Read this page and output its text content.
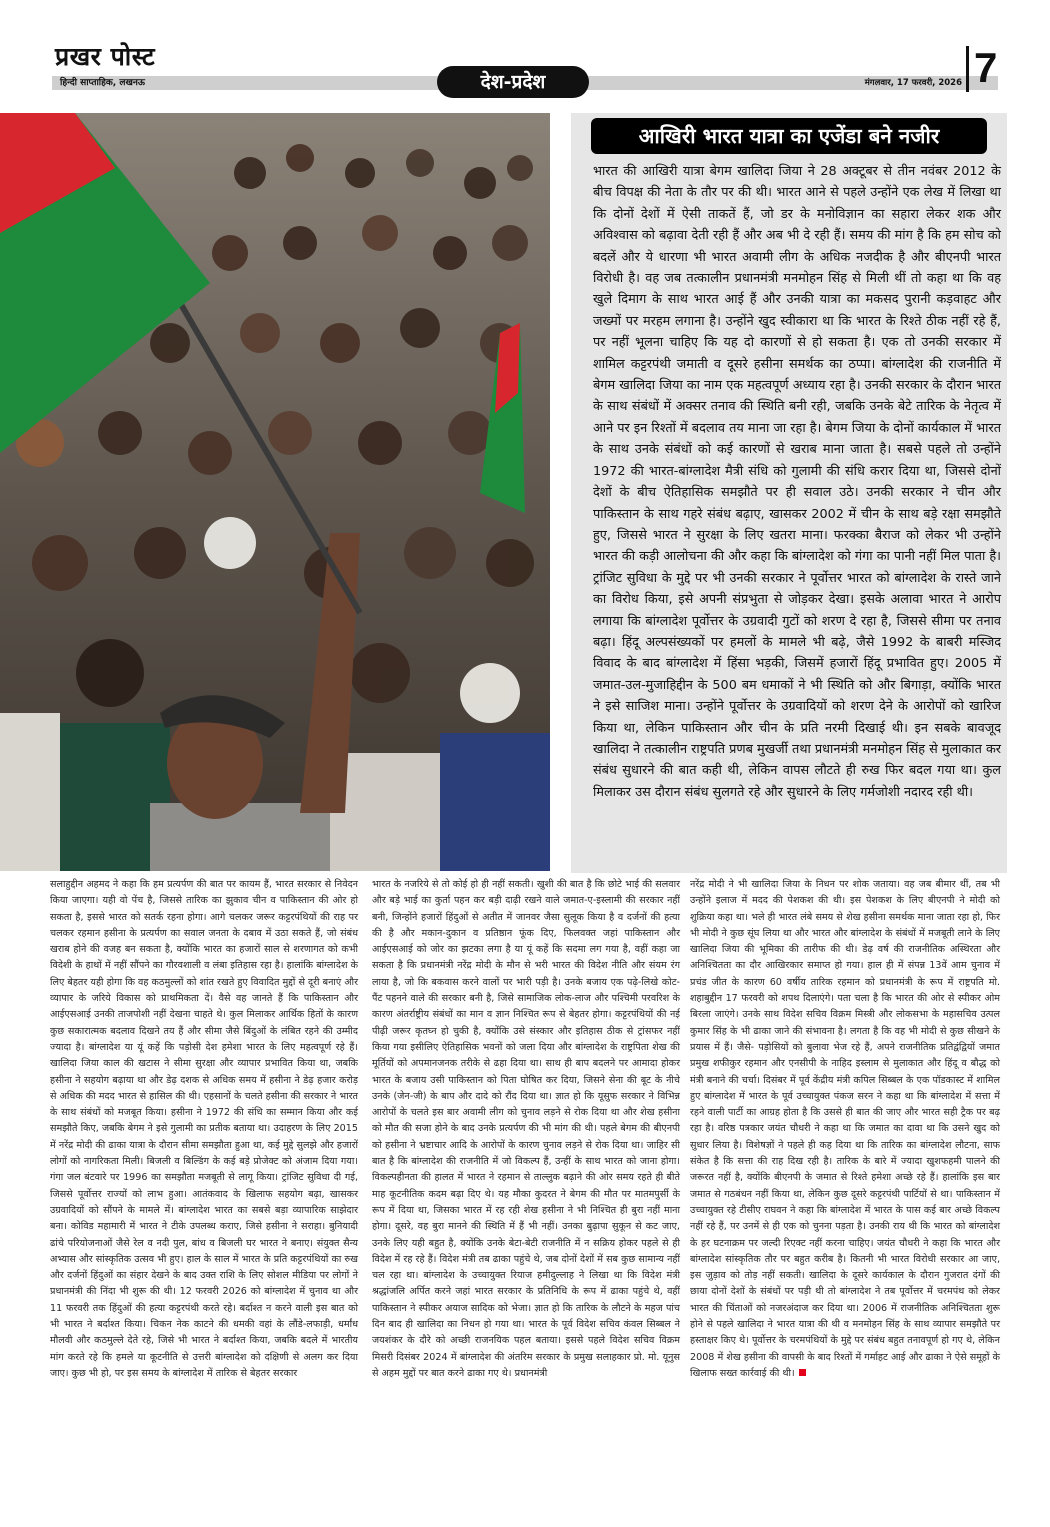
प्रखर पोस्ट
हिन्दी साप्ताहिक, लखनऊ	देश-प्रदेश	मंगलवार, 17 फरवरी, 2026 7
आखिरी भारत यात्रा का एजेंडा बने नजीर

भारत की आखिरी यात्रा बेगम खालिदा जिया ने 28 अक्टूबर से तीन नवंबर 2012 के बीच विपक्ष की नेता के तौर पर की थी। भारत आने से पहले उन्होंने एक लेख में लिखा था कि दोनों देशों में ऐसी ताकतें हैं, जो डर के मनोविज्ञान का सहारा लेकर शक और अविश्वास को बढ़ावा देती रही हैं और अब भी दे रही हैं। समय की मांग है कि हम सोच को बदलें और ये धारणा भी भारत अवामी लीग के अधिक नजदीक है और बीएनपी भारत विरोधी है। वह जब तत्कालीन प्रधानमंत्री मनमोहन सिंह से मिली थीं तो कहा था कि वह खुले दिमाग के साथ भारत आई हैं और उनकी यात्रा का मकसद पुरानी कड़वाहट और जख्मों पर मरहम लगाना है। उन्होंने खुद स्वीकारा था कि भारत के रिश्ते ठीक नहीं रहे हैं, पर नहीं भूलना चाहिए कि यह दो कारणों से हो सकता है। एक तो उनकी सरकार में शामिल कट्टरपंथी जमाती व दूसरे हसीना समर्थक का ठप्पा। बांग्लादेश की राजनीति में बेगम खालिदा जिया का नाम एक महत्वपूर्ण अध्याय रहा है। उनकी सरकार के दौरान भारत के साथ संबंधों में अक्सर तनाव की स्थिति बनी रही, जबकि उनके बेटे तारिक के नेतृत्व में आने पर इन रिश्तों में बदलाव तय माना जा रहा है। बेगम जिया के दोनों कार्यकाल में भारत के साथ उनके संबंधों को कई कारणों से खराब माना जाता है। सबसे पहले तो उन्होंने 1972 की भारत-बांग्लादेश मैत्री संधि को गुलामी की संधि करार दिया था, जिससे दोनों देशों के बीच ऐतिहासिक समझौते पर ही सवाल उठे। उनकी सरकार ने चीन और पाकिस्तान के साथ गहरे संबंध बढ़ाए, खासकर 2002 में चीन के साथ बड़े रक्षा समझौते हुए, जिससे भारत ने सुरक्षा के लिए खतरा माना। फरक्का बैराज को लेकर भी उन्होंने भारत की कड़ी आलोचना की और कहा कि बांग्लादेश को गंगा का पानी नहीं मिल पाता है। ट्रांजिट सुविधा के मुद्दे पर भी उनकी सरकार ने पूर्वोत्तर भारत को बांग्लादेश के रास्ते जाने का विरोध किया, इसे अपनी संप्रभुता से जोड़कर देखा। इसके अलावा भारत ने आरोप लगाया कि बांग्लादेश पूर्वोत्तर के उग्रवादी गुटों को शरण दे रहा है, जिससे सीमा पर तनाव बढ़ा। हिंदू अल्पसंख्यकों पर हमलों के मामले भी बढ़े, जैसे 1992 के बाबरी मस्जिद विवाद के बाद बांग्लादेश में हिंसा भड़की, जिसमें हजारों हिंदू प्रभावित हुए। 2005 में जमात-उल-मुजाहिद्दीन के 500 बम धमाकों ने भी स्थिति को और बिगाड़ा, क्योंकि भारत ने इसे साजिश माना। उन्होंने पूर्वोत्तर के उग्रवादियों को शरण देने के आरोपों को खारिज किया था, लेकिन पाकिस्तान और चीन के प्रति नरमी दिखाई थी। इन सबके बावजूद खालिदा ने तत्कालीन राष्ट्रपति प्रणब मुखर्जी तथा प्रधानमंत्री मनमोहन सिंह से मुलाकात कर संबंध सुधारने की बात कही थी, लेकिन वापस लौटते ही रुख फिर बदल गया था। कुल मिलाकर उस दौरान संबंध सुलगते रहे और सुधारने के लिए गर्मजोशी नदारद रही थी।

सलाहुद्दीन अहमद ने कहा कि हम प्रत्यर्पण की बात पर कायम हैं, भारत सरकार से निवेदन किया जाएगा। यही वो पेंच है, जिससे तारिक का झुकाव चीन व पाकिस्तान की ओर हो सकता है, इससे भारत को सतर्क रहना होगा। आगे चलकर जरूर कट्टरपंथियों की राह पर चलकर रहमान हसीना के प्रत्यर्पण का सवाल जनता के दबाव में उठा सकते हैं, जो संबंध खराब होने की वजह बन सकता है, क्योंकि भारत का हजारों साल से शरणागत को कभी विदेशी के हाथों में नहीं सौंपने का गौरवशाली व लंबा इतिहास रहा है। हालांकि बांग्लादेश के लिए बेहतर यही होगा कि वह कठमुल्लों को शांत रखते हुए विवादित मुद्दों से दूरी बनाएं और व्यापार के जरिये विकास को प्राथमिकता दें। वैसे वह जानते हैं कि पाकिस्तान और आईएसआई उनकी ताजपोशी नहीं देखना चाहते थे। कुल मिलाकर आर्थिक हितों के कारण कुछ सकारात्मक बदलाव दिखने तय हैं और सीमा जैसे बिंदुओं के लंबित रहने की उम्मीद ज्यादा है। बांग्लादेश या यूं कहें कि पड़ोसी देश हमेशा भारत के लिए महत्वपूर्ण रहे हैं। खालिदा जिया काल की खटास ने सीमा सुरक्षा और व्यापार प्रभावित किया था, जबकि हसीना ने सहयोग बढ़ाया था और डेढ़ दशक से अधिक समय में हसीना ने डेढ़ हजार करोड़ से अधिक की मदद भारत से हासिल की थी। एहसानों के चलते हसीना की सरकार ने भारत के साथ संबंधों को मजबूत किया। हसीना ने 1972 की संधि का सम्मान किया और कई समझौते किए, जबकि बेगम ने इसे गुलामी का प्रतीक बताया था। उदाहरण के लिए 2015 में नरेंद्र मोदी की ढाका यात्रा के दौरान सीमा समझौता हुआ था, कई मुद्दे सुलझे और हजारों लोगों को नागरिकता मिली। बिजली व बिल्डिंग के कई बड़े प्रोजेक्ट को अंजाम दिया गया। गंगा जल बंटवारे पर 1996 का समझौता मजबूती से लागू किया। ट्रांजिट सुविधा दी गई, जिससे पूर्वोत्तर राज्यों को लाभ हुआ। आतंकवाद के खिलाफ सहयोग बढ़ा, खासकर उग्रवादियों को सौंपने के मामले में। बांग्लादेश भारत का सबसे बड़ा व्यापारिक साझेदार बना। कोविड महामारी में भारत ने टीके उपलब्ध कराए, जिसे हसीना ने सराहा। बुनियादी ढांचे परियोजनाओं जैसे रेल व नदी पुल, बांध व बिजली घर भारत ने बनाए। संयुक्त सैन्य अभ्यास और सांस्कृतिक उत्सव भी हुए। हाल के साल में भारत के प्रति कट्टरपंथियों का रुख और दर्जनों हिंदुओं का संहार देखने के बाद उक्त राशि के लिए सोशल मीडिया पर लोगों ने प्रधानमंत्री की निंदा भी शुरू की थी। 12 फरवरी 2026 को बांग्लादेश में चुनाव था और 11 फरवरी तक हिंदुओं की हत्या कट्टरपंथी करते रहे। बर्दाश्त न करने वाली इस बात को भी भारत ने बर्दाश्त किया। चिकन नेक काटने की धमकी वहां के लौंडे-लफाड़ी, धर्मांध मौलवी और कठमुल्ले देते रहे, जिसे भी भारत ने बर्दाश्त किया, जबकि बदले में भारतीय मांग करते रहे कि हमले या कूटनीति से उत्तरी बांग्लादेश को दक्षिणी से अलग कर दिया जाए। कुछ भी हो, पर इस समय के बांग्लादेश में तारिक से बेहतर सरकार

भारत के नजरिये से तो कोई हो ही नहीं सकती। खुशी की बात है कि छोटे भाई की सलवार और बड़े भाई का कुर्ता पहन कर बड़ी दाढ़ी रखने वाले जमात-ए-इस्लामी की सरकार नहीं बनी, जिन्होंने हजारों हिंदुओं से अतीत में जानवर जैसा सुलूक किया है व दर्जनों की हत्या की है और मकान-दुकान व प्रतिष्ठान फूंक दिए, फिलवक्त जहां पाकिस्तान और आईएसआई को जोर का झटका लगा है या यूं कहें कि सदमा लग गया है, वहीं कहा जा सकता है कि प्रधानमंत्री नरेंद्र मोदी के मौन से भरी भारत की विदेश नीति और संयम रंग लाया है, जो कि बकवास करने वालों पर भारी पड़ी है। उनके बजाय एक पढ़े-लिखे कोट-पैंट पहनने वाले की सरकार बनी है, जिसे सामाजिक लोक-लाज और पश्चिमी परवरिश के कारण अंतर्राष्ट्रीय संबंधों का मान व ज्ञान निश्चित रूप से बेहतर होगा। कट्टरपंथियों की नई पीढ़ी जरूर कृतघ्न हो चुकी है, क्योंकि उसे संस्कार और इतिहास ठीक से ट्रांसफर नहीं किया गया इसीलिए ऐतिहासिक भवनों को जला दिया और बांग्लादेश के राष्ट्रपिता शेख की मूर्तियों को अपमानजनक तरीके से ढहा दिया था। साथ ही बाप बदलने पर आमादा होकर भारत के बजाय उसी पाकिस्तान को पिता घोषित कर दिया, जिसने सेना की बूट के नीचे उनके (जेन-जी) के बाप और दादे को रौंद दिया था। ज्ञात हो कि यूसुफ सरकार ने विभिन्न आरोपों के चलते इस बार अवामी लीग को चुनाव लड़ने से रोक दिया था और शेख हसीना को मौत की सजा होने के बाद उनके प्रत्यर्पण की भी मांग की थी। पहले बेगम की बीएनपी को हसीना ने भ्रष्टाचार आदि के आरोपों के कारण चुनाव लड़ने से रोक दिया था। जाहिर सी बात है कि बांग्लादेश की राजनीति में जो विकल्प हैं, उन्हीं के साथ भारत को जाना होगा। विकल्पहीनता की हालत में भारत ने रहमान से ताल्लुक बढ़ाने की ओर समय रहते ही बीते माह कूटनीतिक कदम बढ़ा दिए थे। यह मौका कुदरत ने बेगम की मौत पर मातमपुर्सी के रूप में दिया था, जिसका भारत में रह रही शेख हसीना ने भी निश्चित ही बुरा नहीं माना होगा। दूसरे, वह बुरा मानने की स्थिति में हैं भी नहीं। उनका बुढ़ापा सुकून से कट जाए, उनके लिए यही बहुत है, क्योंकि उनके बेटा-बेटी राजनीति में न सक्रिय होकर पहले से ही विदेश में रह रहे हैं। विदेश मंत्री तब ढाका पहुंचे थे, जब दोनों देशों में सब कुछ सामान्य नहीं चल रहा था। बांग्लादेश के उच्चायुक्त रियाज हमीदुल्लाह ने लिखा था कि विदेश मंत्री श्रद्धांजलि अर्पित करने जहां भारत सरकार के प्रतिनिधि के रूप में ढाका पहुंचे थे, वहीं पाकिस्तान ने स्पीकर अयाज सादिक को भेजा। ज्ञात हो कि तारिक के लौटने के महज पांच दिन बाद ही खालिदा का निधन हो गया था। भारत के पूर्व विदेश सचिव कंवल सिब्बल ने जयशंकर के दौरे को अच्छी राजनयिक पहल बताया। इससे पहले विदेश सचिव विक्रम मिसरी दिसंबर 2024 में बांग्लादेश की अंतरिम सरकार के प्रमुख सलाहकार प्रो. मो. यूनुस से अहम मुद्दों पर बात करने ढाका गए थे। प्रधानमंत्री

नरेंद्र मोदी ने भी खालिदा जिया के निधन पर शोक जताया। वह जब बीमार थीं, तब भी उन्होंने इलाज में मदद की पेशकश की थी। इस पेशकश के लिए बीएनपी ने मोदी को शुक्रिया कहा था। भले ही भारत लंबे समय से शेख हसीना समर्थक माना जाता रहा हो, फिर भी मोदी ने कुछ सूंघ लिया था और भारत और बांग्लादेश के संबंधों में मजबूती लाने के लिए खालिदा जिया की भूमिका की तारीफ की थी। डेढ़ वर्ष की राजनीतिक अस्थिरता और अनिश्चितता का दौर आखिरकार समाप्त हो गया। हाल ही में संपन्न 13वें आम चुनाव में प्रचंड जीत के कारण 60 वर्षीय तारिक रहमान को प्रधानमंत्री के रूप में राष्ट्रपति मो. शहाबुद्दीन 17 फरवरी को शपथ दिलाएंगे। पता चला है कि भारत की ओर से स्पीकर ओम बिरला जाएंगे। उनके साथ विदेश सचिव विक्रम मिस्त्री और लोकसभा के महासचिव उत्पल कुमार सिंह के भी ढाका जाने की संभावना है। लगता है कि वह भी मोदी से कुछ सीखने के प्रयास में हैं। जैसे- पड़ोसियों को बुलावा भेज रहे हैं, अपने राजनीतिक प्रतिद्वंद्वियों जमात प्रमुख शफीकुर रहमान और एनसीपी के नाहिद इस्लाम से मुलाकात और हिंदू व बौद्ध को मंत्री बनाने की चर्चा। दिसंबर में पूर्व केंद्रीय मंत्री कपिल सिब्बल के एक पॉडकास्ट में शामिल हुए बांग्लादेश में भारत के पूर्व उच्चायुक्त पंकज सरन ने कहा था कि बांग्लादेश में सत्ता में रहने वाली पार्टी का आग्रह होता है कि उससे ही बात की जाए और भारत सही ट्रैक पर बढ़ रहा है। वरिष्ठ पत्रकार जयंत चौधरी ने कहा था कि जमात का दावा था कि उसने खुद को सुधार लिया है। विशेषज्ञों ने पहले ही कह दिया था कि तारिक का बांग्लादेश लौटना, साफ संकेत है कि सत्ता की राह दिख रही है। तारिक के बारे में ज्यादा खुशफहमी पालने की जरूरत नहीं है, क्योंकि बीएनपी के जमात से रिश्ते हमेशा अच्छे रहे हैं। हालांकि इस बार जमात से गठबंधन नहीं किया था, लेकिन कुछ दूसरे कट्टरपंथी पार्टियों से था। पाकिस्तान में उच्चायुक्त रहे टीसीए राघवन ने कहा कि बांग्लादेश में भारत के पास कई बार अच्छे विकल्प नहीं रहे हैं, पर उनमें से ही एक को चुनना पड़ता है। उनकी राय थी कि भारत को बांग्लादेश के हर घटनाक्रम पर जल्दी रिएक्ट नहीं करना चाहिए। जयंत चौधरी ने कहा कि भारत और बांग्लादेश सांस्कृतिक तौर पर बहुत करीब है। कितनी भी भारत विरोधी सरकार आ जाए, इस जुड़ाव को तोड़ नहीं सकती। खालिदा के दूसरे कार्यकाल के दौरान गुजरात दंगों की छाया दोनों देशों के संबंधों पर पड़ी थी तो बांग्लादेश ने तब पूर्वोत्तर में चरमपंथ को लेकर भारत की चिंताओं को नजरअंदाज कर दिया था। 2006 में राजनीतिक अनिश्चितता शुरू होने से पहले खालिदा ने भारत यात्रा की थी व मनमोहन सिंह के साथ व्यापार समझौते पर हस्ताक्षर किए थे। पूर्वोत्तर के चरमपंथियों के मुद्दे पर संबंध बहुत तनावपूर्ण हो गए थे, लेकिन 2008 में शेख हसीना की वापसी के बाद रिश्तों में गर्माहट आई और ढाका ने ऐसे समूहों के खिलाफ सख्त कार्रवाई की थी।
